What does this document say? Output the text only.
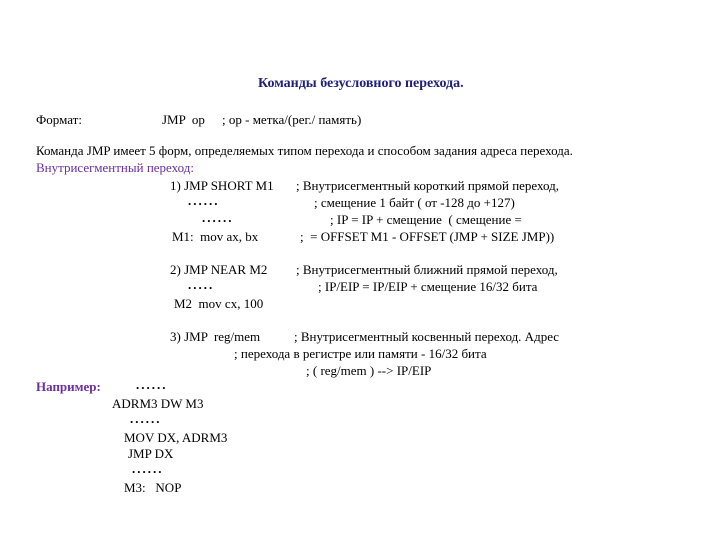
Команды безусловного перехода.
Формат:	JMP  op ; op - метка/(рег./ память)
Команда JMP имеет 5 форм, определяемых типом перехода и способом задания адреса перехода.
Внутрисегментный переход:
1) JMP SHORT M1 ; Внутрисегментный короткий прямой переход,
......	; смещение 1 байт ( от -128 до +127)
......	; IP = IP + смещение  ( смещение =
M1:  mov ax, bx	;  = OFFSET M1 - OFFSET (JMP + SIZE JMP))
2) JMP NEAR M2 ; Внутрисегментный ближний прямой переход,
.....	; IP/EIP = IP/EIP + смещение 16/32 бита
M2  mov cx, 100
3) JMP  reg/mem	; Внутрисегментный косвенный переход. Адрес
; перехода в регистре или памяти - 16/32 бита
; ( reg/mem ) --> IP/EIP
Например:	......
ADRM3 DW M3
......
MOV DX, ADRM3
JMP DX
......
M3:   NOP
